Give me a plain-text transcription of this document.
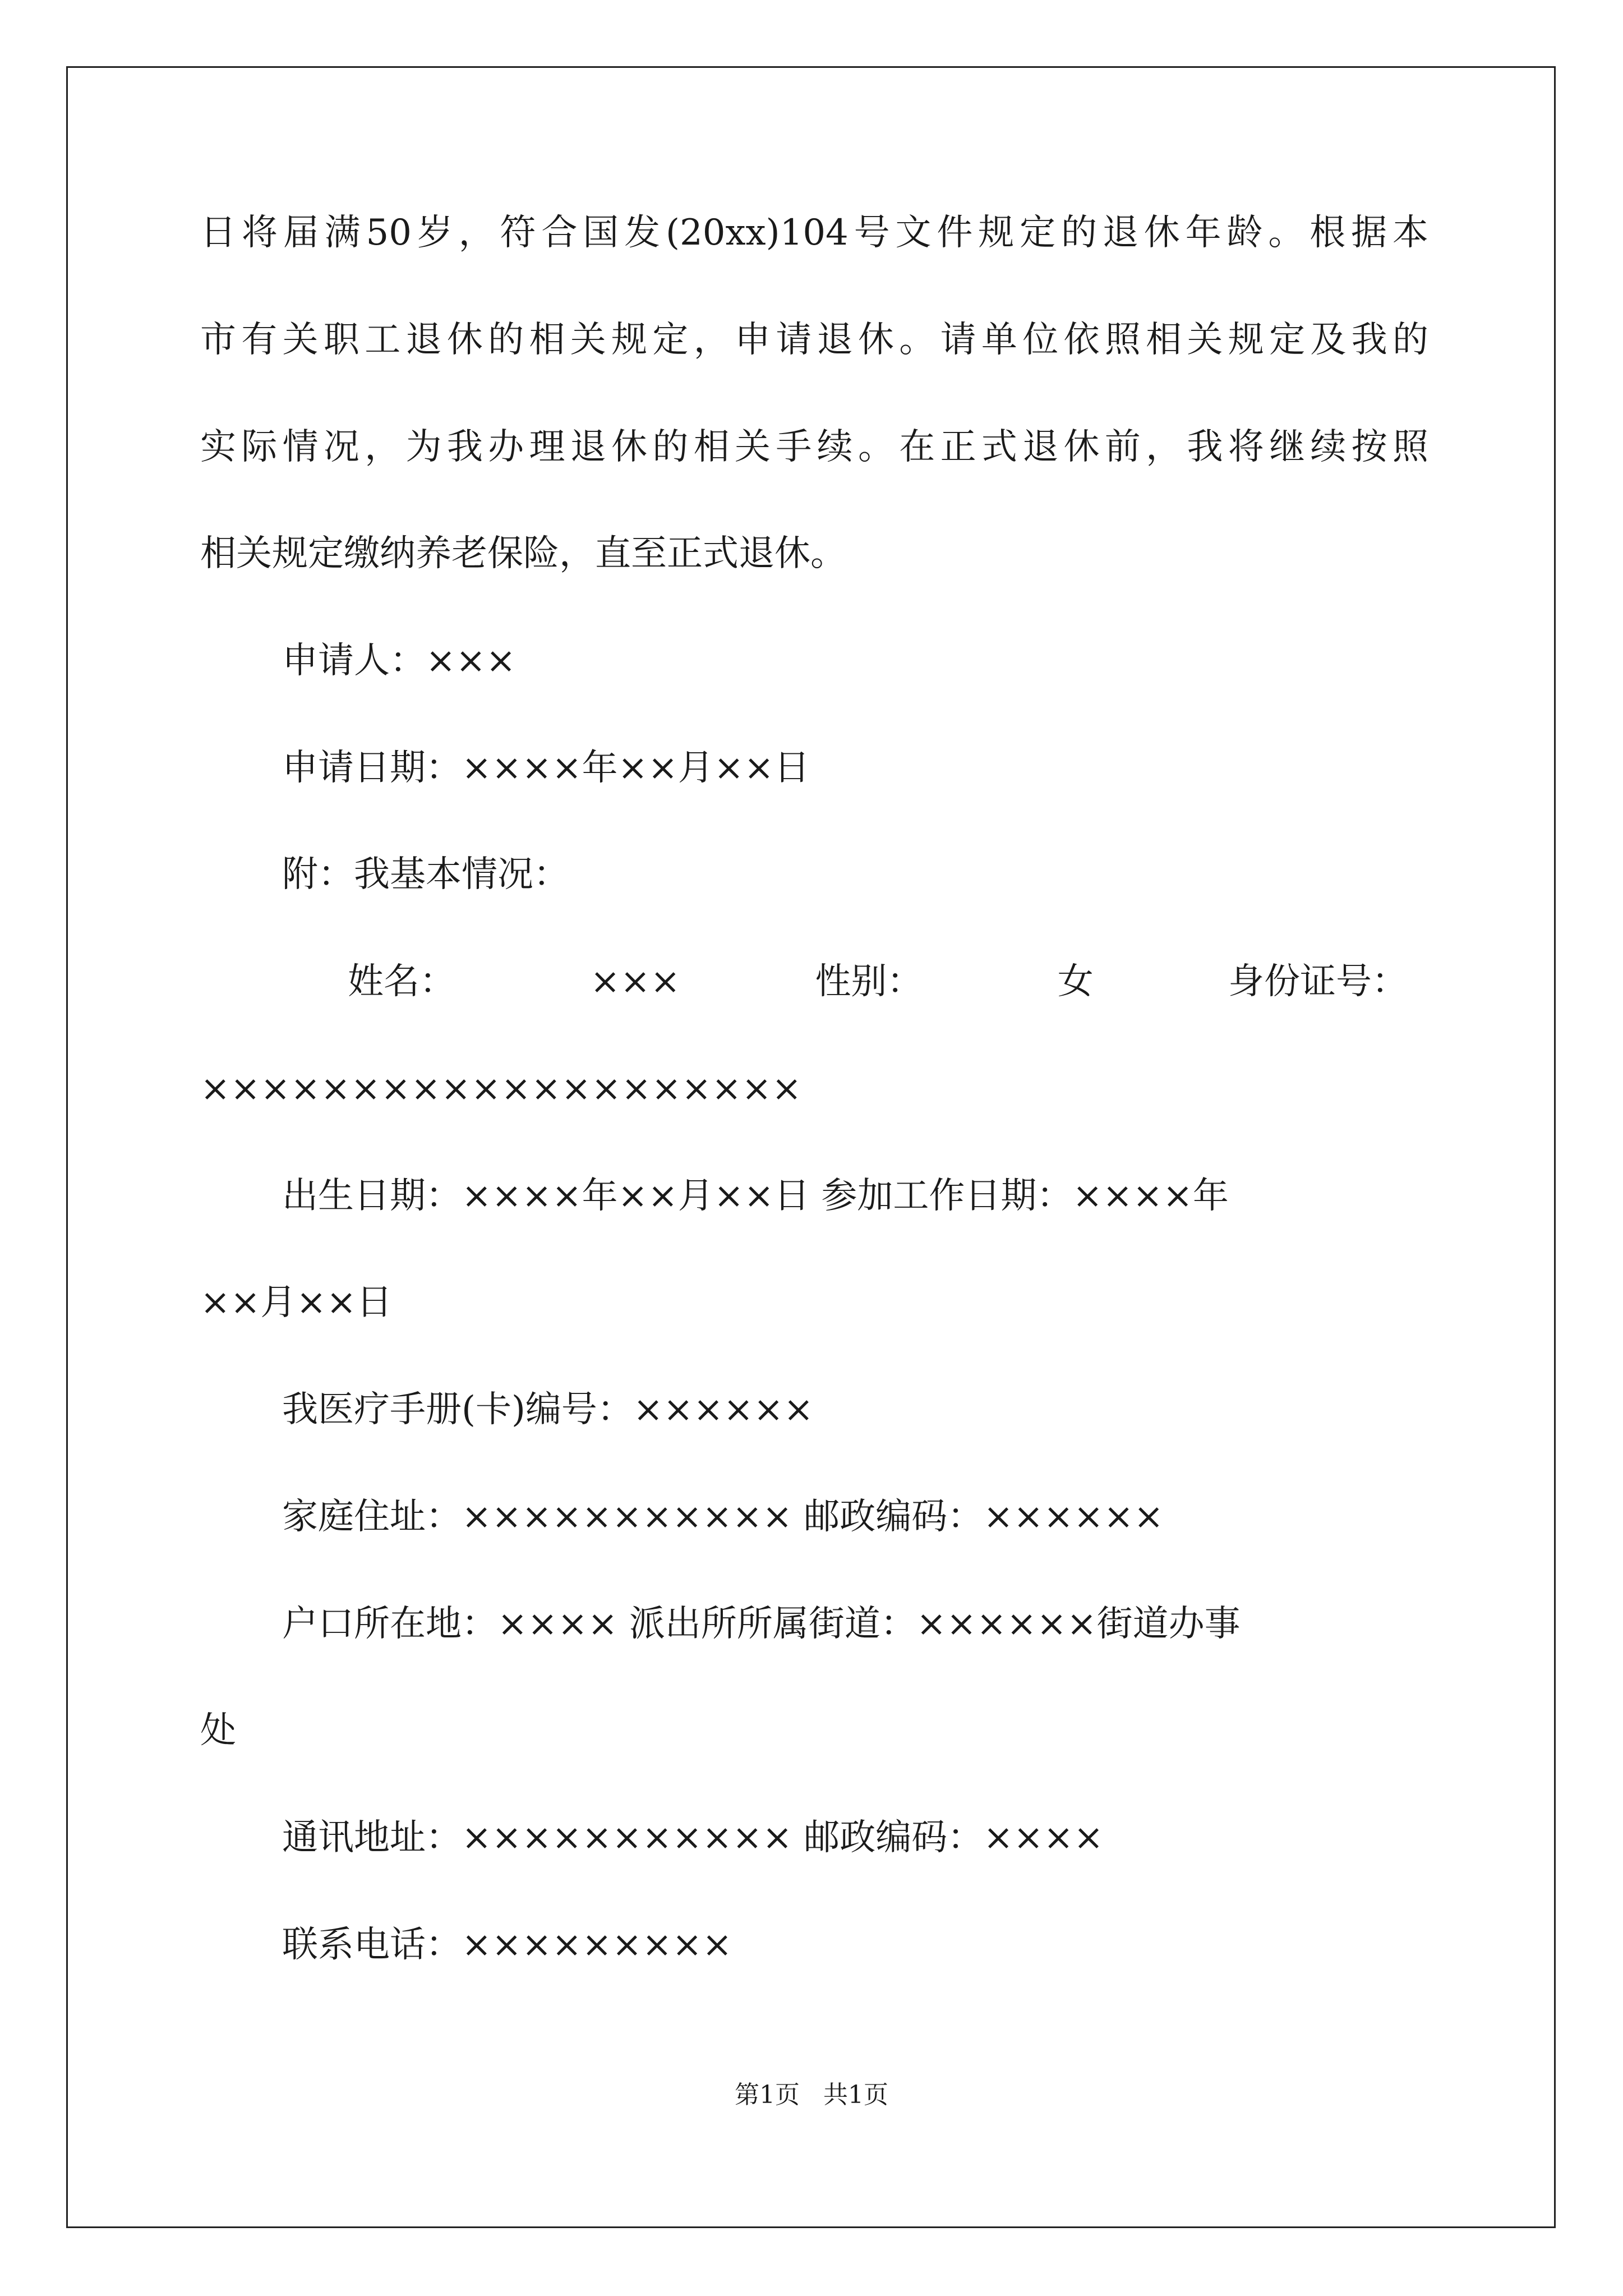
日将届满50岁，符合国发(20xx)104号文件规定的退休年龄。根据本
市有关职工退休的相关规定，申请退休。请单位依照相关规定及我的
实际情况，为我办理退休的相关手续。在正式退休前，我将继续按照
相关规定缴纳养老保险，直至正式退休。
申请人：×××
申请日期：××××年××月××日
附：我基本情况：
姓名：	×××	性别：	女	身份证号：
××××××××××××××××××××
出生日期：××××年××月××日 参加工作日期：××××年
××月××日
我医疗手册(卡)编号：××××××
家庭住址：××××××××××× 邮政编码：××××××
户口所在地：×××× 派出所所属街道：××××××街道办事
处
通讯地址：××××××××××× 邮政编码：××××
联系电话：×××××××××
第1页   共1页
